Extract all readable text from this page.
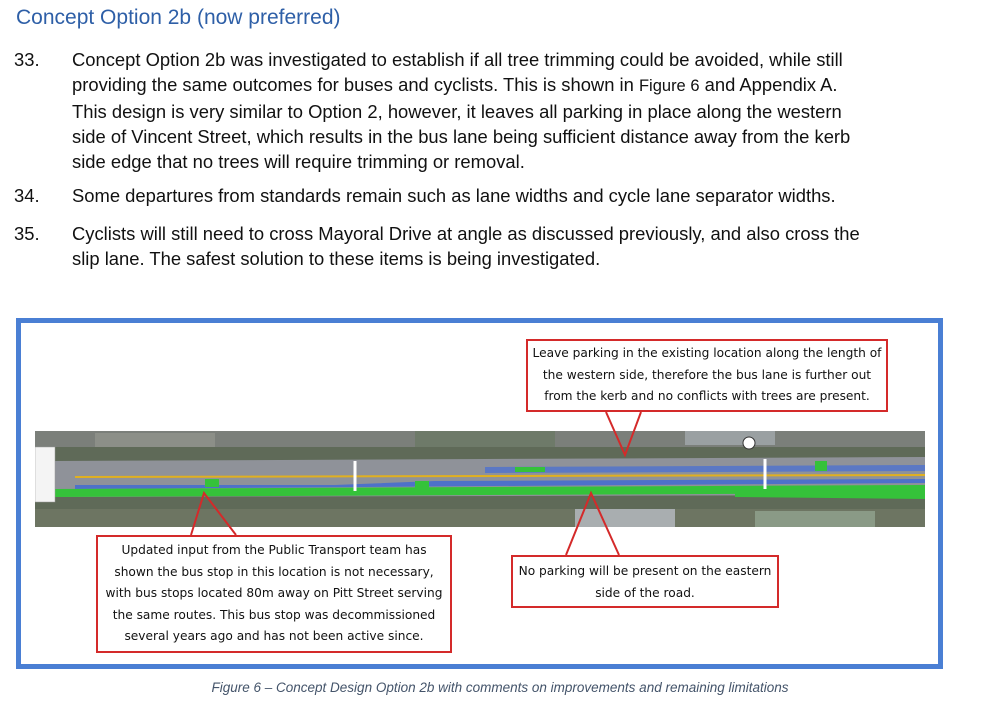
Concept Option 2b (now preferred)
33. Concept Option 2b was investigated to establish if all tree trimming could be avoided, while still
providing the same outcomes for buses and cyclists. This is shown in Figure 6 and Appendix A.
This design is very similar to Option 2, however, it leaves all parking in place along the western
side of Vincent Street, which results in the bus lane being sufficient distance away from the kerb
side edge that no trees will require trimming or removal.
34. Some departures from standards remain such as lane widths and cycle lane separator widths.
35. Cyclists will still need to cross Mayoral Drive at angle as discussed previously, and also cross the
slip lane. The safest solution to these items is being investigated.
Leave parking in the existing location along the length of
the western side, therefore the bus lane is further out
from the kerb and no conflicts with trees are present.
Updated input from the Public Transport team has
shown the bus stop in this location is not necessary,
with bus stops located 80m away on Pitt Street serving
the same routes. This bus stop was decommissioned
several years ago and has not been active since.
No parking will be present on the eastern
side of the road.
Figure 6 – Concept Design Option 2b with comments on improvements and remaining limitations
